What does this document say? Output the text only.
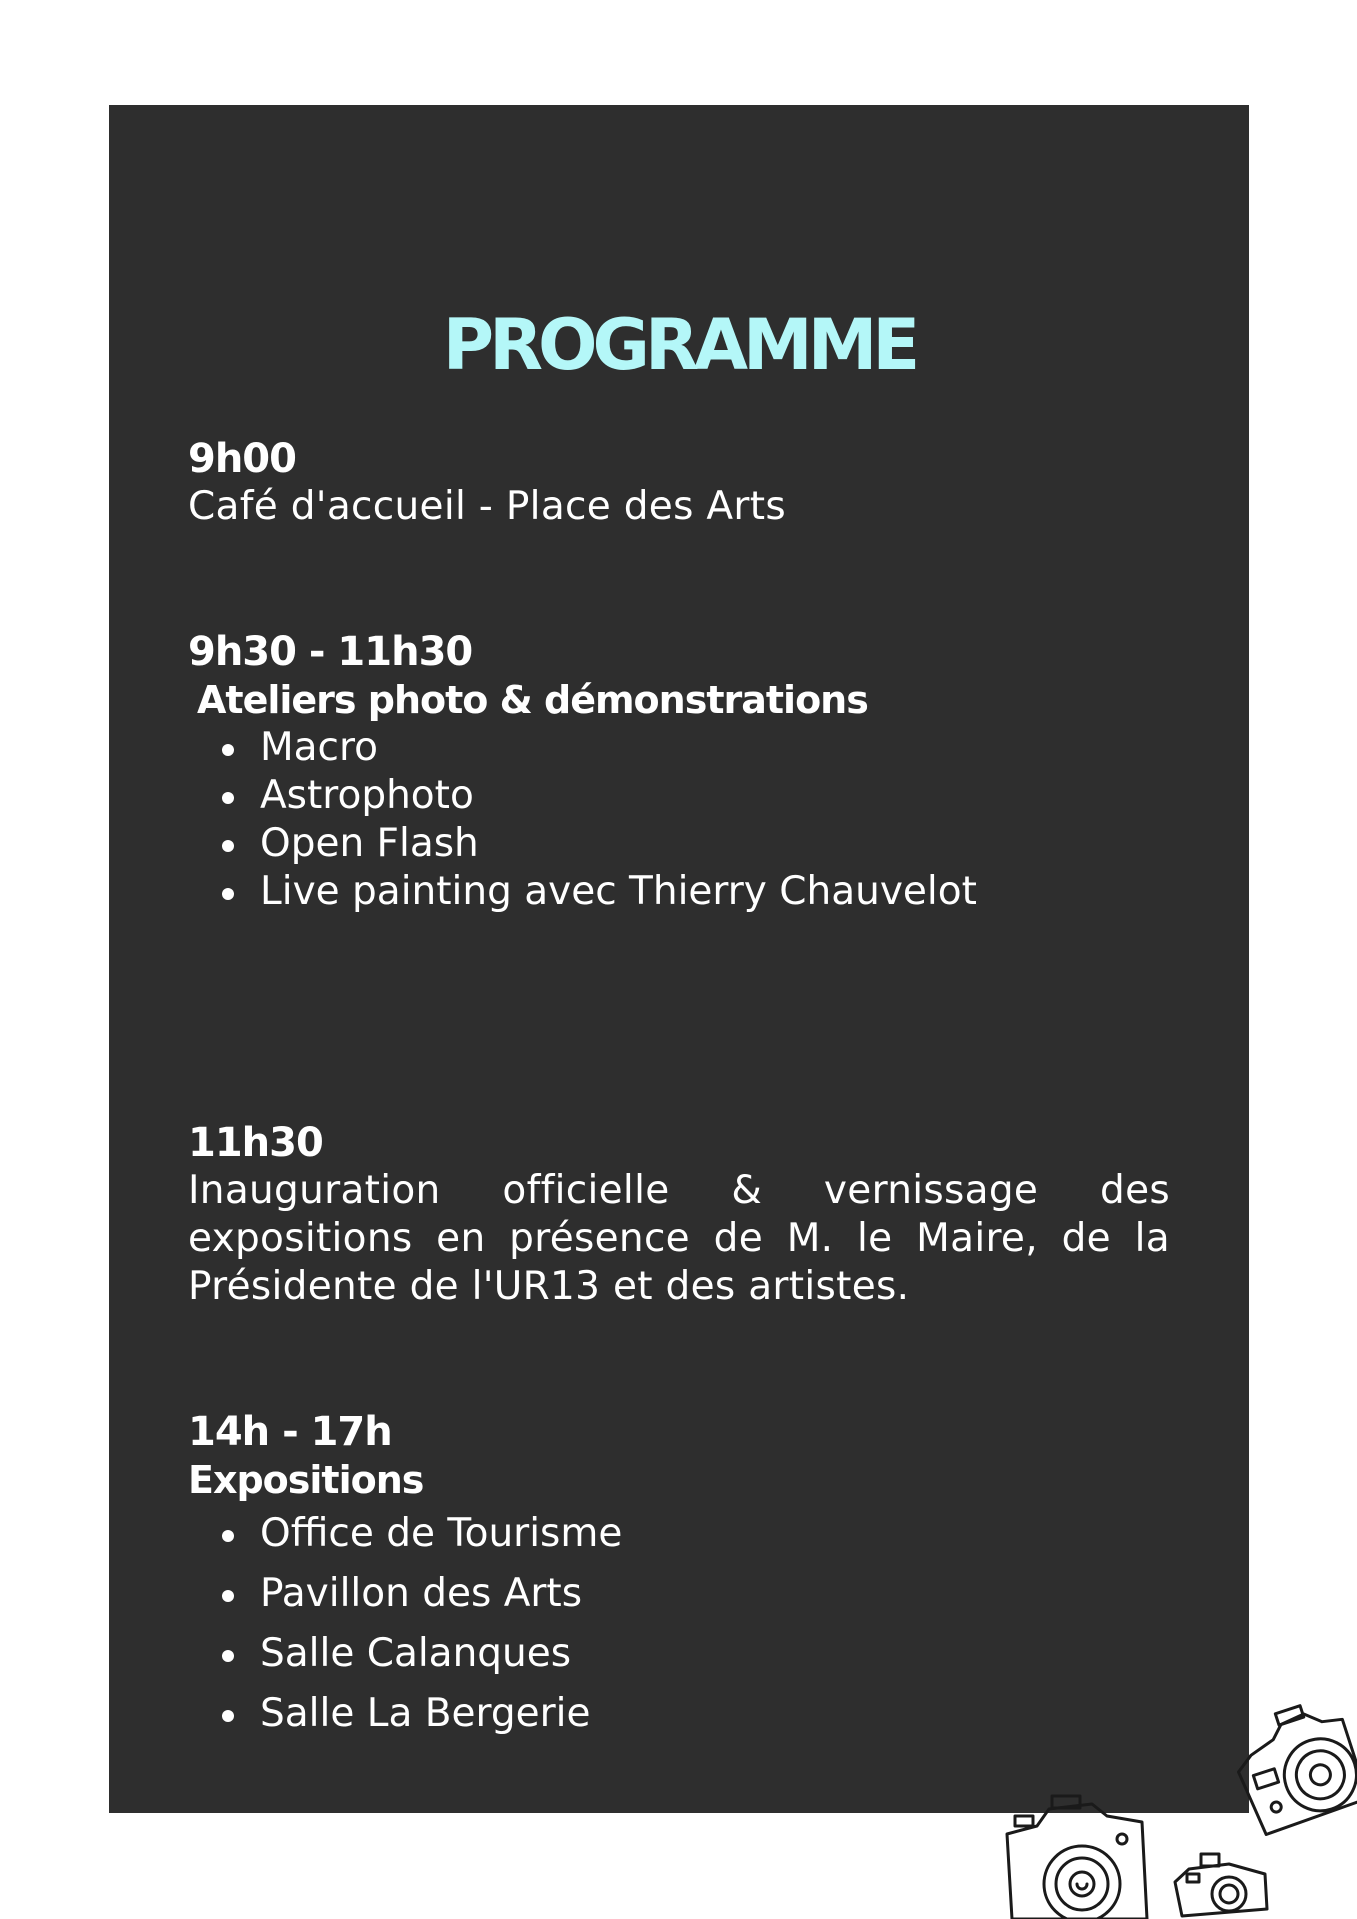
PROGRAMME
9h00
Café d'accueil - Place des Arts
9h30 - 11h30
Ateliers photo & démonstrations
Macro
Astrophoto
Open Flash
Live painting avec Thierry Chauvelot
11h30
Inauguration officielle & vernissage des expositions en présence de M. le Maire, de la Présidente de l'UR13 et des artistes.
14h - 17h
Expositions
Office de Tourisme
Pavillon des Arts
Salle Calanques
Salle La Bergerie
